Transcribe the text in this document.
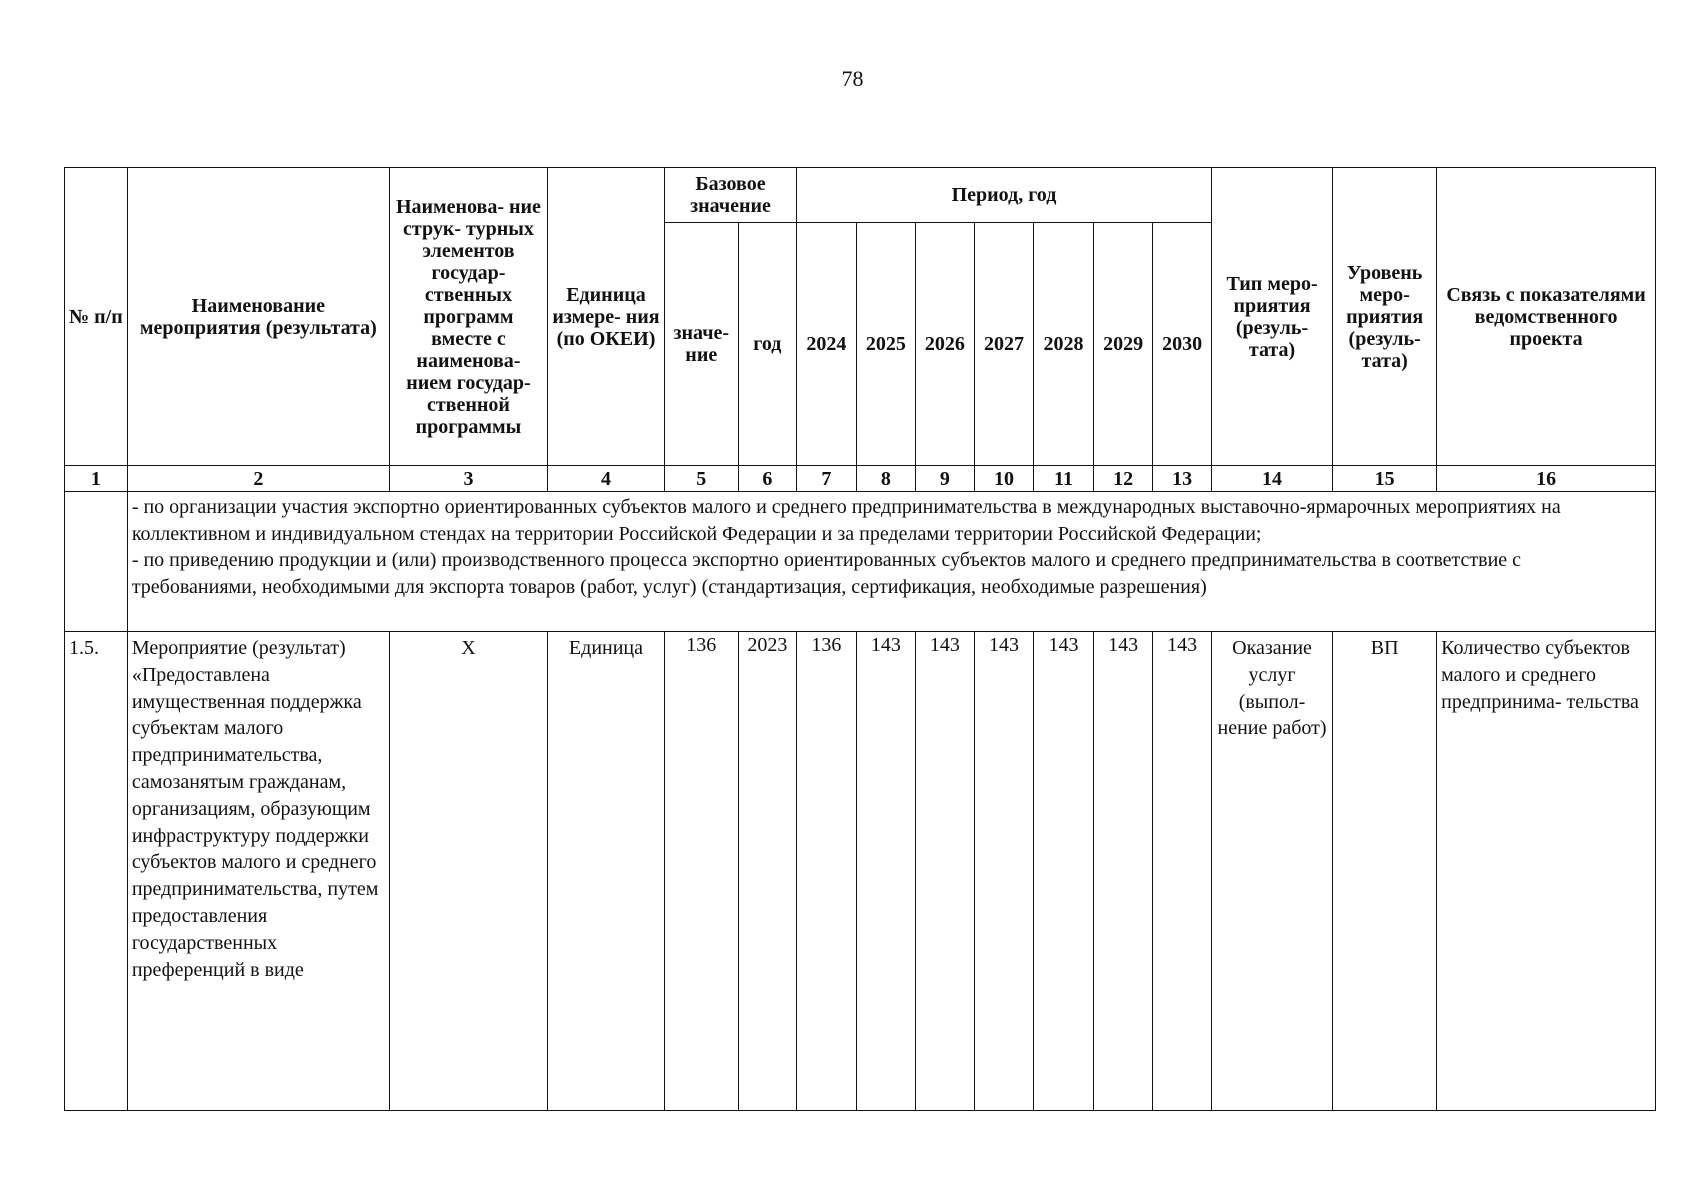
78
№ п/п	Наименование мероприятия (результата)	Наименова- ние струк- турных элементов государ- ственных программ вместе с наименова- нием государ- ственной программы	Единица измере- ния (по ОКЕИ)	Базовое значение		Период, год							Тип меро- приятия (резуль- тата)	Уровень меро- приятия (резуль- тата)	Связь с показателями ведомственного проекта
				значе- ние	год	2024	2025	2026	2027	2028	2029	2030			
1	2	3	4	5	6	7	8	9	10	11	12	13	14	15	16
	- по организации участия экспортно ориентированных субъектов малого и среднего предпринимательства в международных выставочно-ярмарочных мероприятиях на коллективном и индивидуальном стендах на территории Российской Федерации и за пределами территории Российской Федерации;
- по приведению продукции и (или) производственного процесса экспортно ориентированных субъектов малого и среднего предпринимательства в соответствие с требованиями, необходимыми для экспорта товаров (работ, услуг) (стандартизация, сертификация, необходимые разрешения)														
1.5.	Мероприятие (результат) «Предоставлена имущественная поддержка субъектам малого предпринимательства, самозанятым гражданам, организациям, образующим инфраструктуру поддержки субъектов малого и среднего предпринимательства, путем предоставления государственных преференций в виде	Х	Единица	136	2023	136	143	143	143	143	143	143	Оказание услуг (выпол- нение работ)	ВП	Количество субъектов малого и среднего предпринима- тельства
